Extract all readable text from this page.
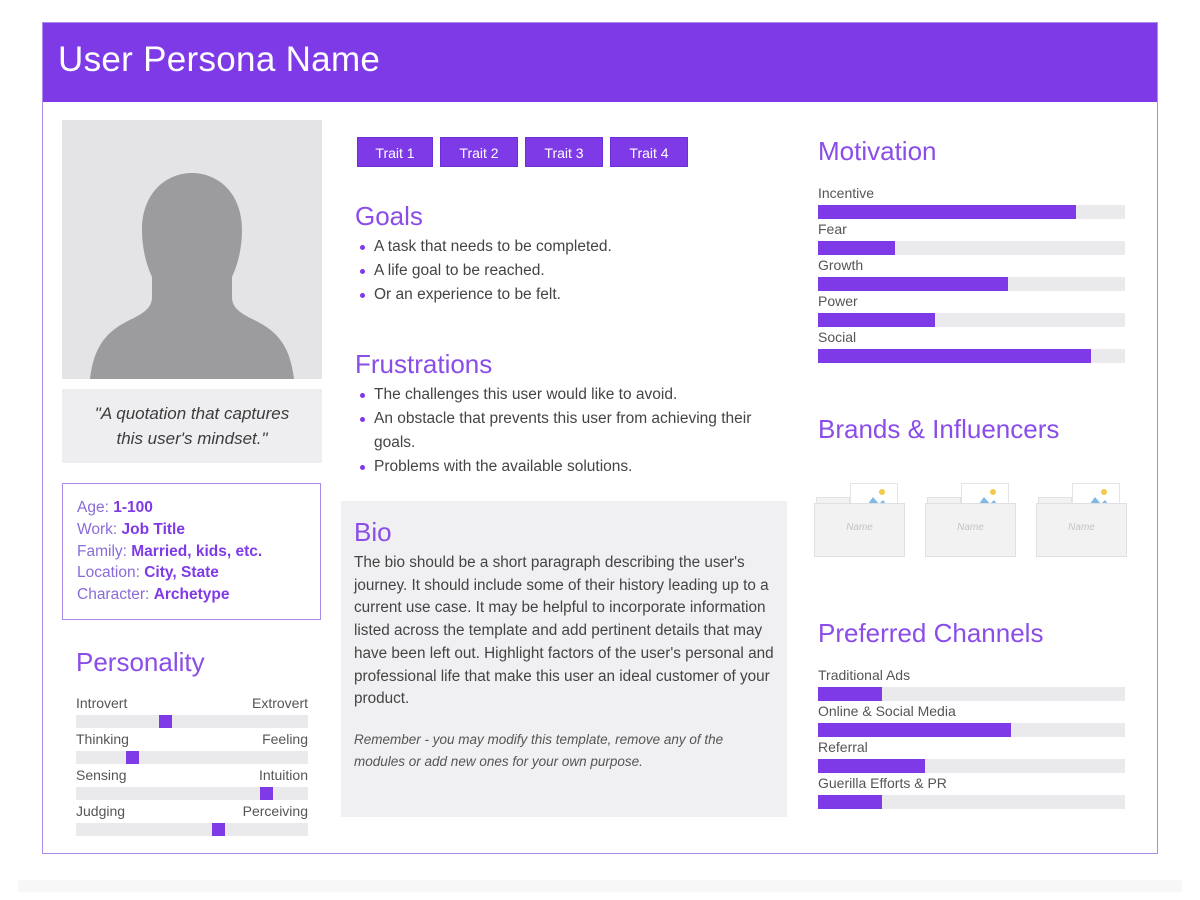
User Persona Name
"A quotation that captures this user's mindset."
Age: 1-100
Work: Job Title
Family: Married, kids, etc.
Location: City, State
Character: Archetype
Personality
Introvert	Extrovert
Thinking	Feeling
Sensing	Intuition
Judging	Perceiving
Trait 1	Trait 2	Trait 3	Trait 4
Goals
A task that needs to be completed.
A life goal to be reached.
Or an experience to be felt.
Frustrations
The challenges this user would like to avoid.
An obstacle that prevents this user from achieving their goals.
Problems with the available solutions.
Bio
The bio should be a short paragraph describing the user's journey. It should include some of their history leading up to a current use case. It may be helpful to incorporate information listed across the template and add pertinent details that may have been left out. Highlight factors of the user's personal and professional life that make this user an ideal customer of your product.
Remember - you may modify this template, remove any of the modules or add new ones for your own purpose.
Motivation
Incentive
Fear
Growth
Power
Social
Brands & Influencers
Name	Name	Name
Preferred Channels
Traditional Ads
Online & Social Media
Referral
Guerilla Efforts & PR
